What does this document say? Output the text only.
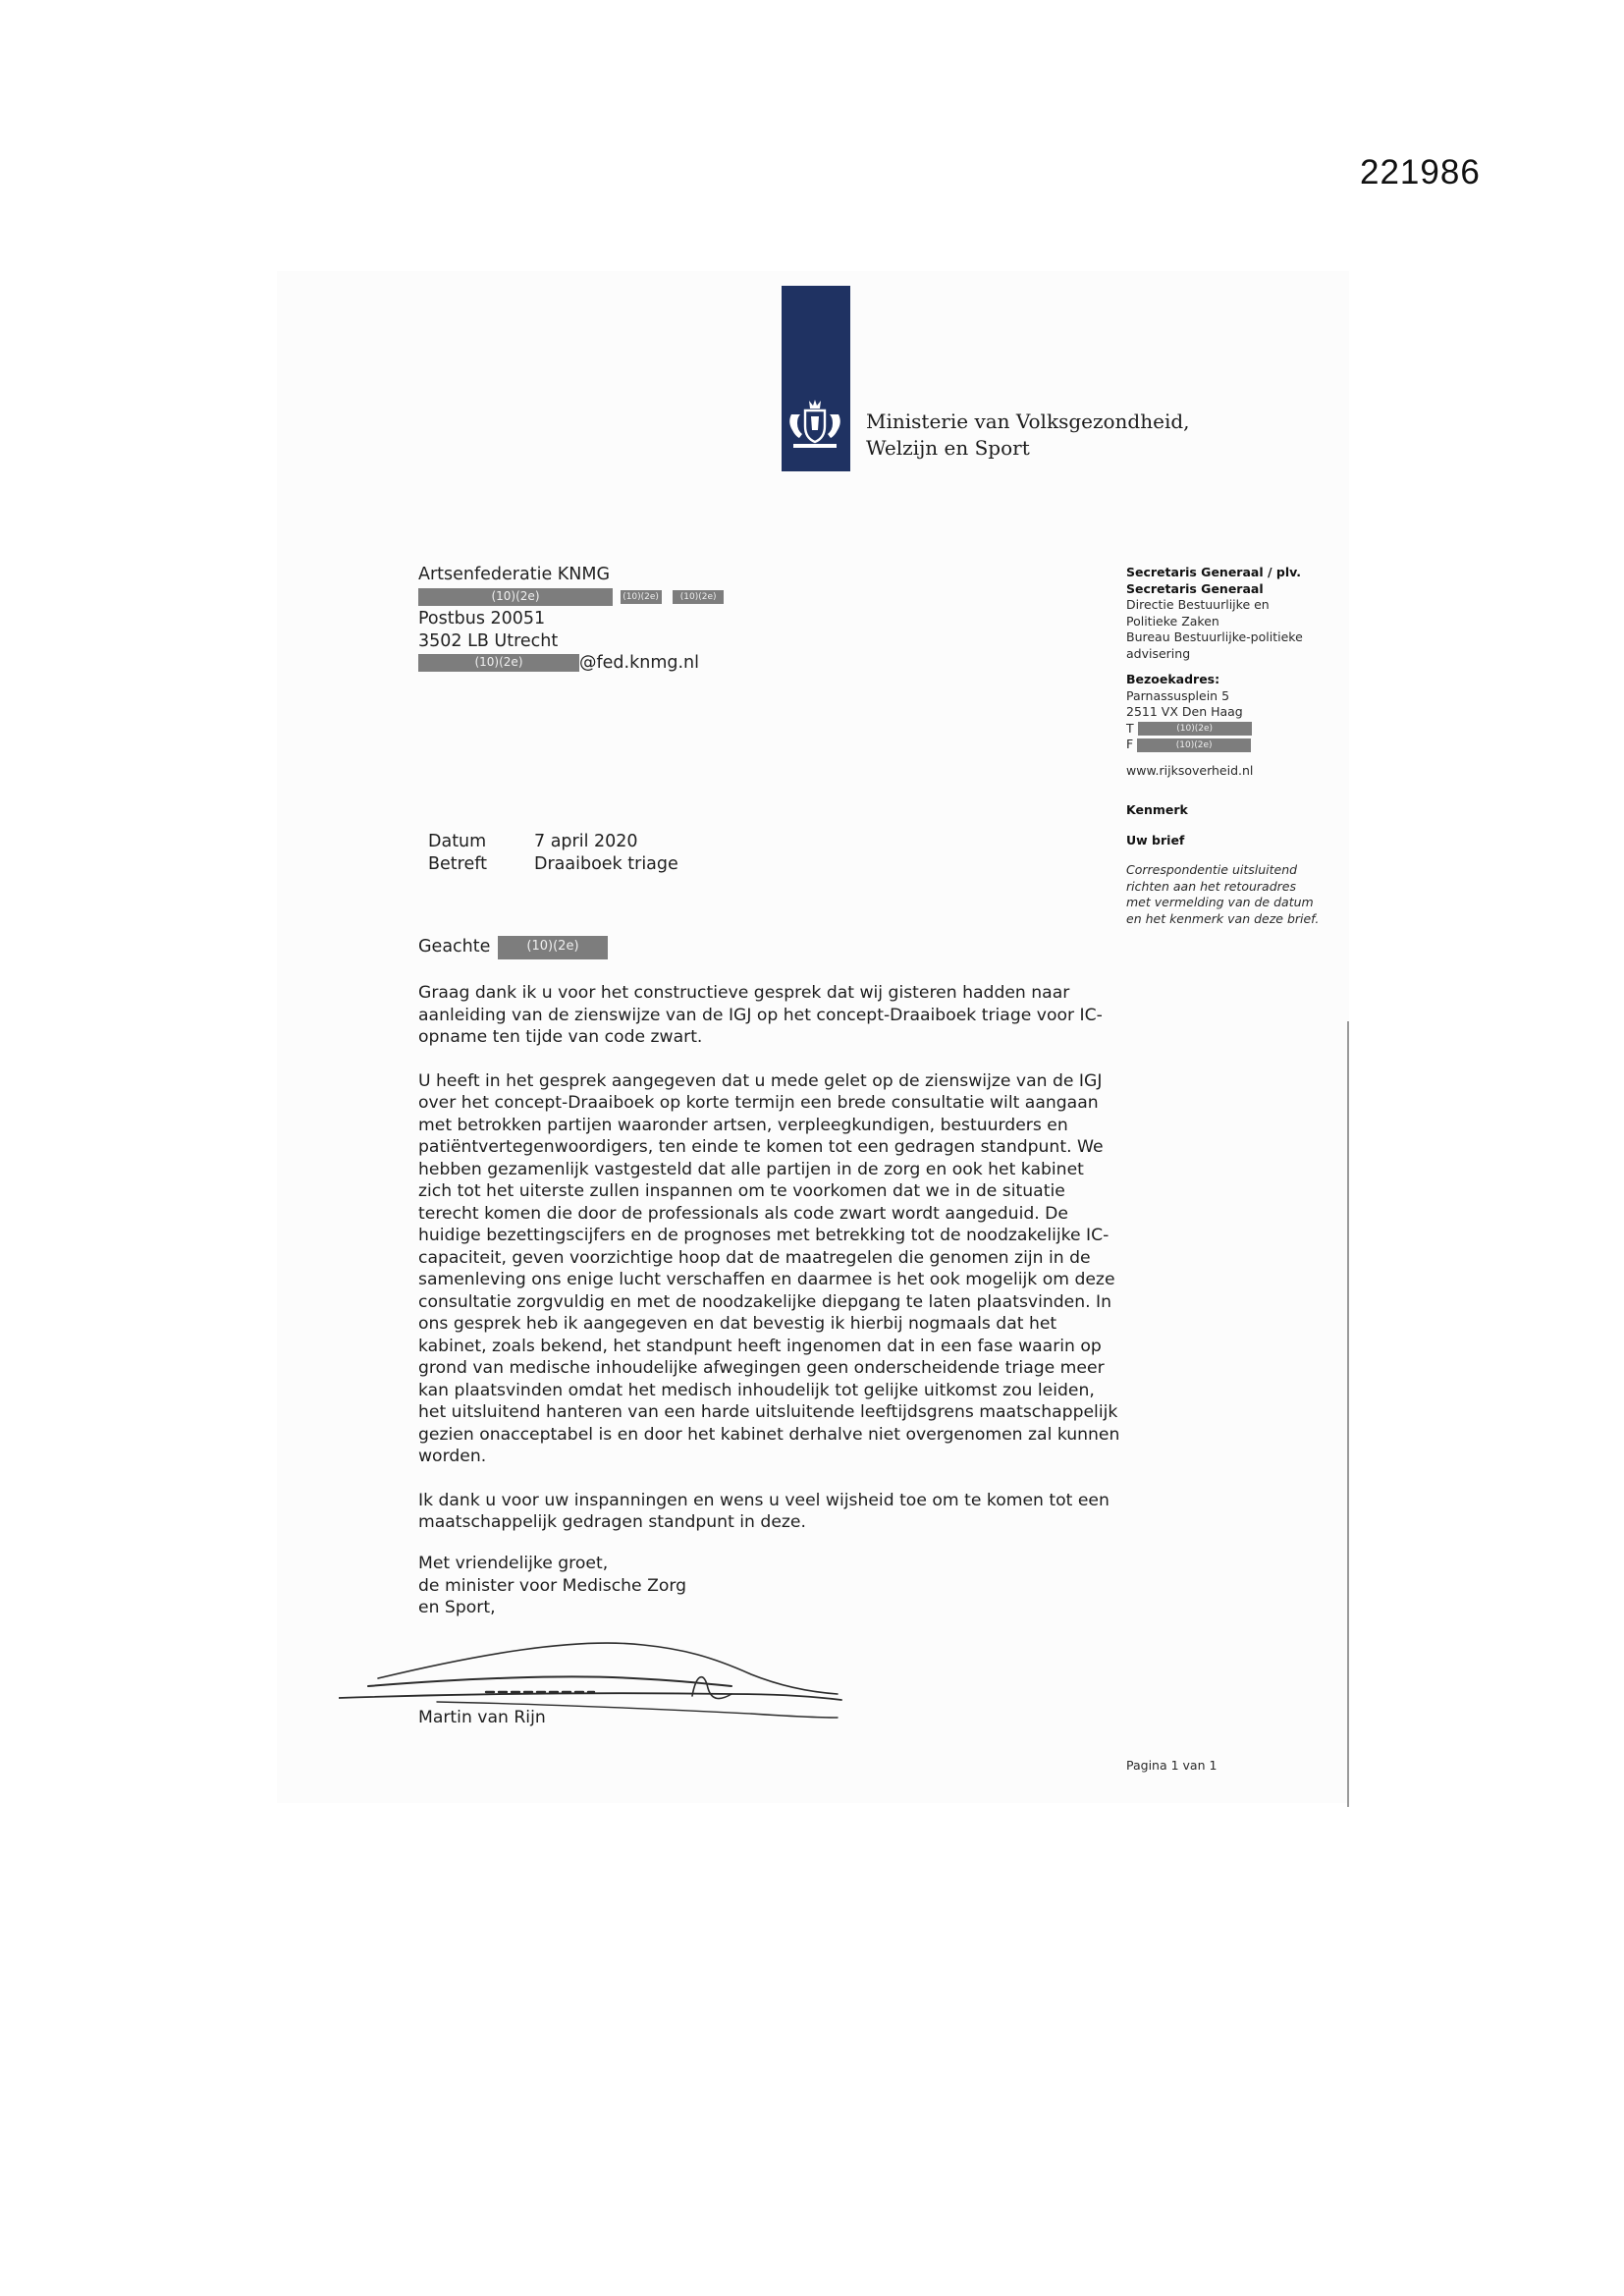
221986
Ministerie van Volksgezondheid,
Welzijn en Sport
Artsenfederatie KNMG
(10)(2e)	(10)(2e) (10)(2e)
Postbus 20051
3502 LB Utrecht
(10)(2e)	@fed.knmg.nl
Secretaris Generaal / plv.
Secretaris Generaal
Directie Bestuurlijke en
Politieke Zaken
Bureau Bestuurlijke-politieke
advisering
Bezoekadres:
Parnassusplein 5
2511 VX Den Haag
T	(10)(2e)
F	(10)(2e)
www.rijksoverheid.nl
Kenmerk
Uw brief
Correspondentie uitsluitend richten aan het retouradres met vermelding van de datum en het kenmerk van deze brief.
Datum	7 april 2020
Betreft	Draaiboek triage
Geachte	(10)(2e)

Graag dank ik u voor het constructieve gesprek dat wij gisteren hadden naar
aanleiding van de zienswijze van de IGJ op het concept-Draaiboek triage voor IC-
opname ten tijde van code zwart.

U heeft in het gesprek aangegeven dat u mede gelet op de zienswijze van de IGJ
over het concept-Draaiboek op korte termijn een brede consultatie wilt aangaan
met betrokken partijen waaronder artsen, verpleegkundigen, bestuurders en
patiëntvertegenwoordigers, ten einde te komen tot een gedragen standpunt. We
hebben gezamenlijk vastgesteld dat alle partijen in de zorg en ook het kabinet
zich tot het uiterste zullen inspannen om te voorkomen dat we in de situatie
terecht komen die door de professionals als code zwart wordt aangeduid. De
huidige bezettingscijfers en de prognoses met betrekking tot de noodzakelijke IC-
capaciteit, geven voorzichtige hoop dat de maatregelen die genomen zijn in de
samenleving ons enige lucht verschaffen en daarmee is het ook mogelijk om deze
consultatie zorgvuldig en met de noodzakelijke diepgang te laten plaatsvinden. In
ons gesprek heb ik aangegeven en dat bevestig ik hierbij nogmaals dat het
kabinet, zoals bekend, het standpunt heeft ingenomen dat in een fase waarin op
grond van medische inhoudelijke afwegingen geen onderscheidende triage meer
kan plaatsvinden omdat het medisch inhoudelijk tot gelijke uitkomst zou leiden,
het uitsluitend hanteren van een harde uitsluitende leeftijdsgrens maatschappelijk
gezien onacceptabel is en door het kabinet derhalve niet overgenomen zal kunnen
worden.

Ik dank u voor uw inspanningen en wens u veel wijsheid toe om te komen tot een
maatschappelijk gedragen standpunt in deze.

Met vriendelijke groet,
de minister voor Medische Zorg
en Sport,
Martin van Rijn
Pagina 1 van 1
